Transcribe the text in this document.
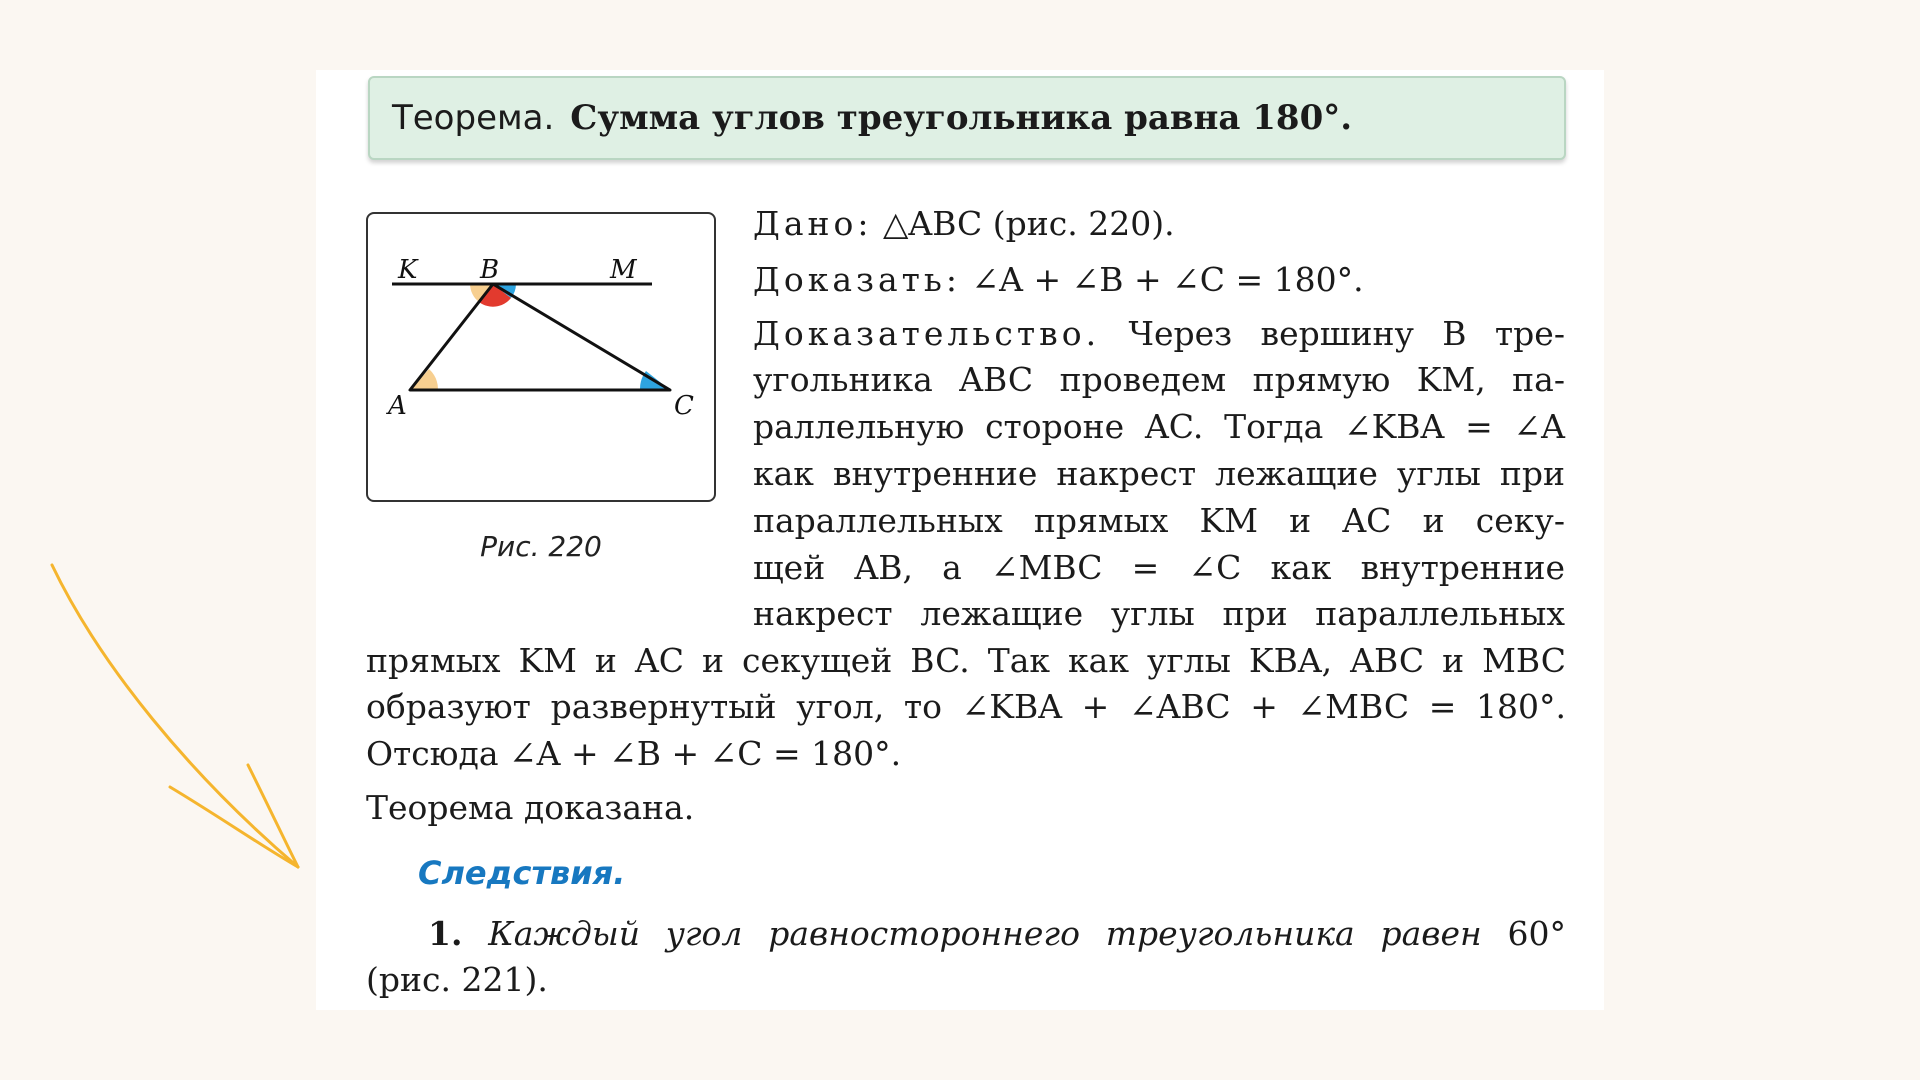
Теорема. Сумма углов треугольника равна 180°.
K B	M
A	C
Рис. 220
Дано: △ABC (рис. 220).
Доказать: ∠A + ∠B + ∠C = 180°.
Доказательство. Через вершину B тре-
угольника ABC проведем прямую KM, па-
раллельную стороне AC. Тогда ∠KBA = ∠A
как внутренние накрест лежащие углы при
параллельных прямых KM и AC и секу-
щей AB, а ∠MBC = ∠C как внутренние
накрест лежащие углы при параллельных
прямых KM и AC и секущей BC. Так как углы KBA, ABC и MBC
образуют развернутый угол, то ∠KBA + ∠ABC + ∠MBC = 180°.
Отсюда ∠A + ∠B + ∠C = 180°.
Теорема доказана.
Следствия.
1. Каждый угол равностороннего треугольника равен 60°
(рис. 221).
